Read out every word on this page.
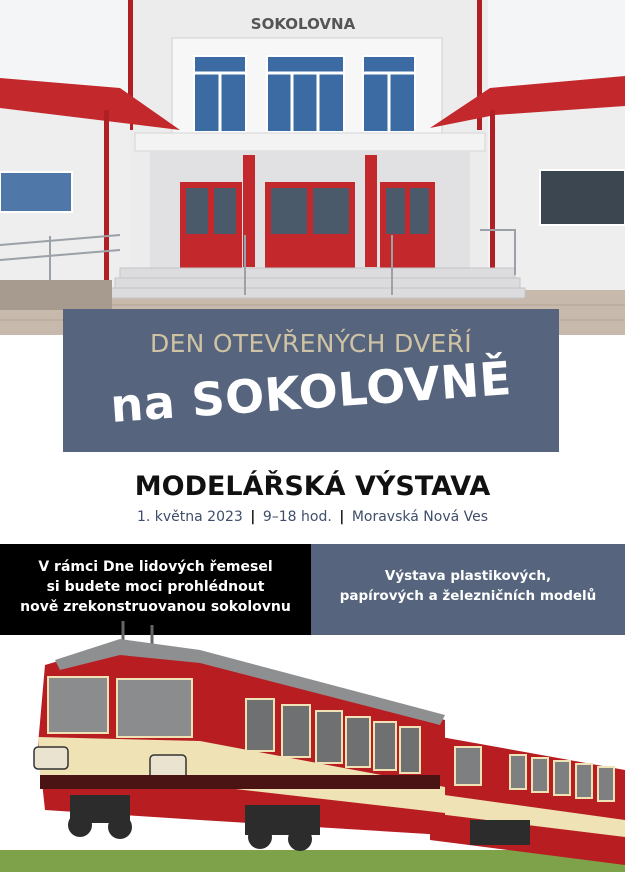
SOKOLOVNA
DEN OTEVŘENÝCH DVEŘÍ
na SOKOLOVNĚ
MODELÁŘSKÁ VÝSTAVA
1. května 2023 | 9–18 hod. | Moravská Nová Ves
V rámci Dne lidových řemesel
si budete moci prohlédnout
nově zrekonstruovanou sokolovnu
Výstava plastikových,
papírových a železničních modelů
